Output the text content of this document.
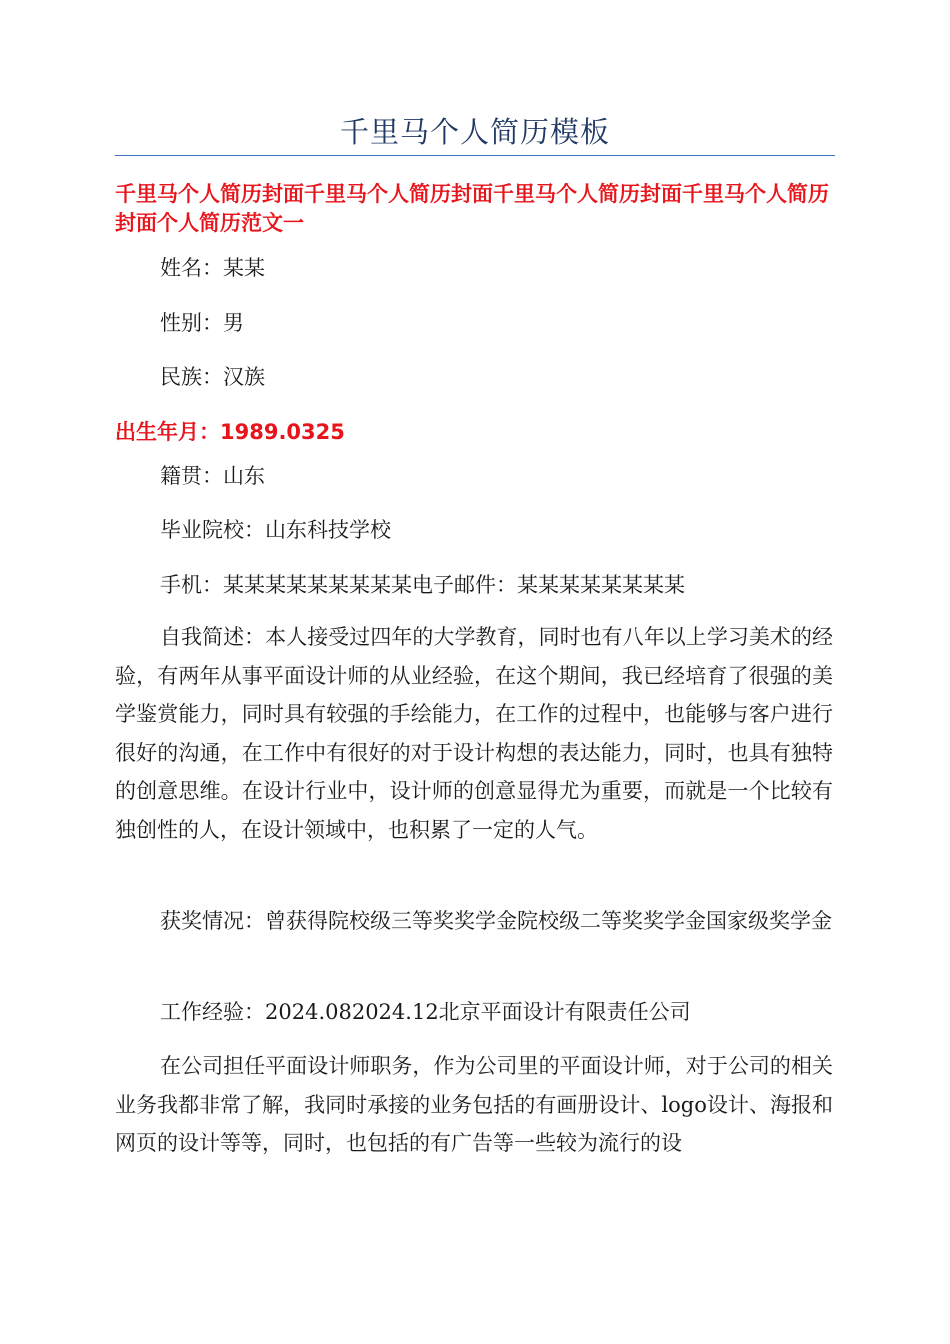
千里马个人简历模板
千里马个人简历封面千里马个人简历封面千里马个人简历封面千里马个人简历封面个人简历范文一
姓名：某某
性别：男
民族：汉族
出生年月：1989.0325
籍贯：山东
毕业院校：山东科技学校
手机：某某某某某某某某某电子邮件：某某某某某某某某
自我简述：本人接受过四年的大学教育，同时也有八年以上学习美术的经验，有两年从事平面设计师的从业经验，在这个期间，我已经培育了很强的美学鉴赏能力，同时具有较强的手绘能力，在工作的过程中，也能够与客户进行很好的沟通，在工作中有很好的对于设计构想的表达能力，同时，也具有独特的创意思维。在设计行业中，设计师的创意显得尤为重要，而就是一个比较有独创性的人，在设计领域中，也积累了一定的人气。
获奖情况：曾获得院校级三等奖奖学金院校级二等奖奖学金国家级奖学金
工作经验：2024.082024.12北京平面设计有限责任公司
在公司担任平面设计师职务，作为公司里的平面设计师，对于公司的相关业务我都非常了解，我同时承接的业务包括的有画册设计、logo设计、海报和网页的设计等等，同时，也包括的有广告等一些较为流行的设
